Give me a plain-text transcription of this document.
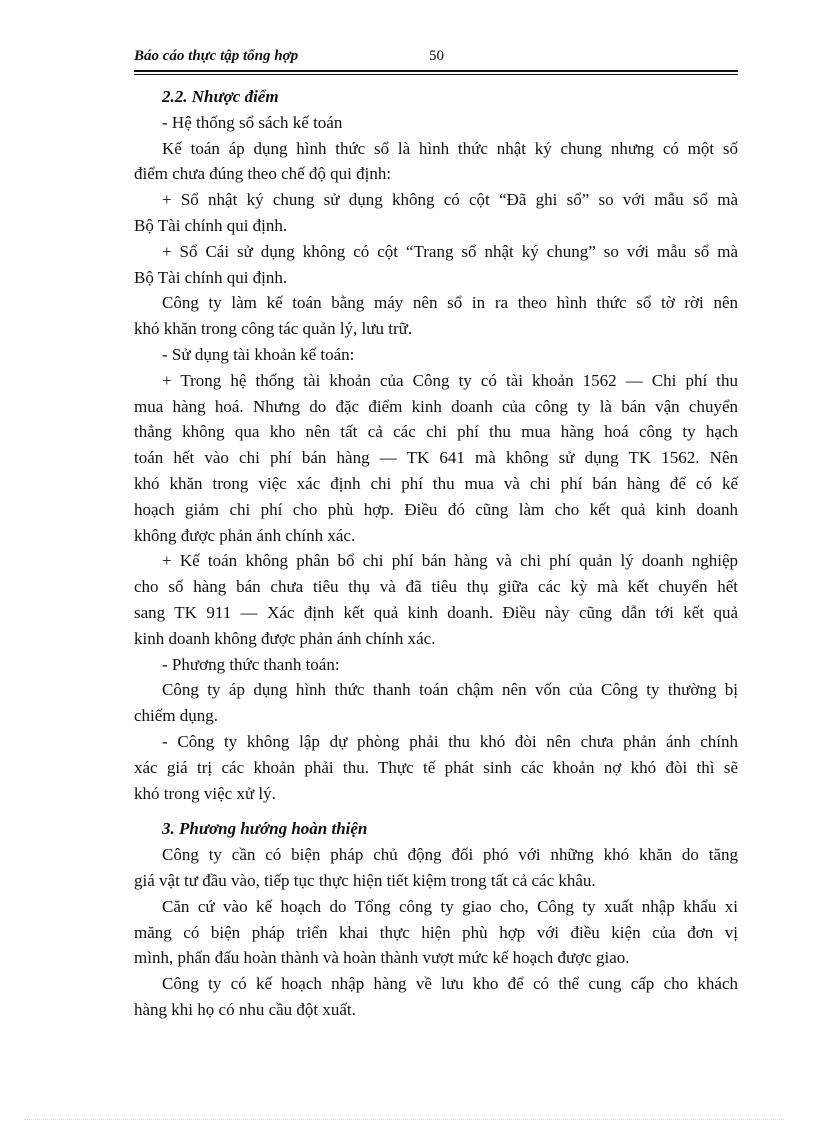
Báo cáo thực tập tổng hợp	50
2.2. Nhược điểm
- Hệ thống sổ sách kế toán
Kế toán áp dụng hình thức sổ là hình thức nhật ký chung nhưng có một số
điểm chưa đúng theo chế độ qui định:
+ Sổ nhật ký chung sử dụng không có cột “Đã ghi sổ” so với mẫu sổ mà
Bộ Tài chính qui định.
+ Sổ Cái sử dụng không có cột “Trang sổ nhật ký chung” so với mẫu sổ mà
Bộ Tài chính qui định.
Công ty làm kế toán bằng máy nên sổ in ra theo hình thức sổ tờ rời nên
khó khăn trong công tác quản lý, lưu trữ.
- Sử dụng tài khoản kế toán:
+ Trong hệ thống tài khoản của Công ty có tài khoản 1562 — Chi phí thu
mua hàng hoá. Nhưng do đặc điểm kinh doanh của công ty là bán vận chuyển
thẳng không qua kho nên tất cả các chi phí thu mua hàng hoá công ty hạch
toán hết vào chi phí bán hàng — TK 641 mà không sử dụng TK 1562. Nên
khó khăn trong việc xác định chi phí thu mua và chi phí bán hàng để có kế
hoạch giảm chi phí cho phù hợp. Điều đó cũng làm cho kết quả kinh doanh
không được phản ánh chính xác.
+ Kế toán không phân bổ chi phí bán hàng và chi phí quản lý doanh nghiệp
cho số hàng bán chưa tiêu thụ và đã tiêu thụ giữa các kỳ mà kết chuyển hết
sang TK 911 — Xác định kết quả kinh doanh. Điều này cũng dẫn tới kết quả
kinh doanh không được phản ánh chính xác.
- Phương thức thanh toán:
Công ty áp dụng hình thức thanh toán chậm nên vốn của Công ty thường bị
chiếm dụng.
- Công ty không lập dự phòng phải thu khó đòi nên chưa phản ánh chính
xác giá trị các khoản phải thu. Thực tế phát sinh các khoản nợ khó đòi thì sẽ
khó trong việc xử lý.
3. Phương hướng hoàn thiện
Công ty cần có biện pháp chủ động đối phó với những khó khăn do tăng
giá vật tư đầu vào, tiếp tục thực hiện tiết kiệm trong tất cả các khâu.
Căn cứ vào kế hoạch do Tổng công ty giao cho, Công ty xuất nhập khẩu xi
măng có biện pháp triển khai thực hiện phù hợp với điều kiện của đơn vị
mình, phấn đấu hoàn thành và hoàn thành vượt mức kế hoạch được giao.
Công ty có kế hoạch nhập hàng về lưu kho để có thể cung cấp cho khách
hàng khi họ có nhu cầu đột xuất.
